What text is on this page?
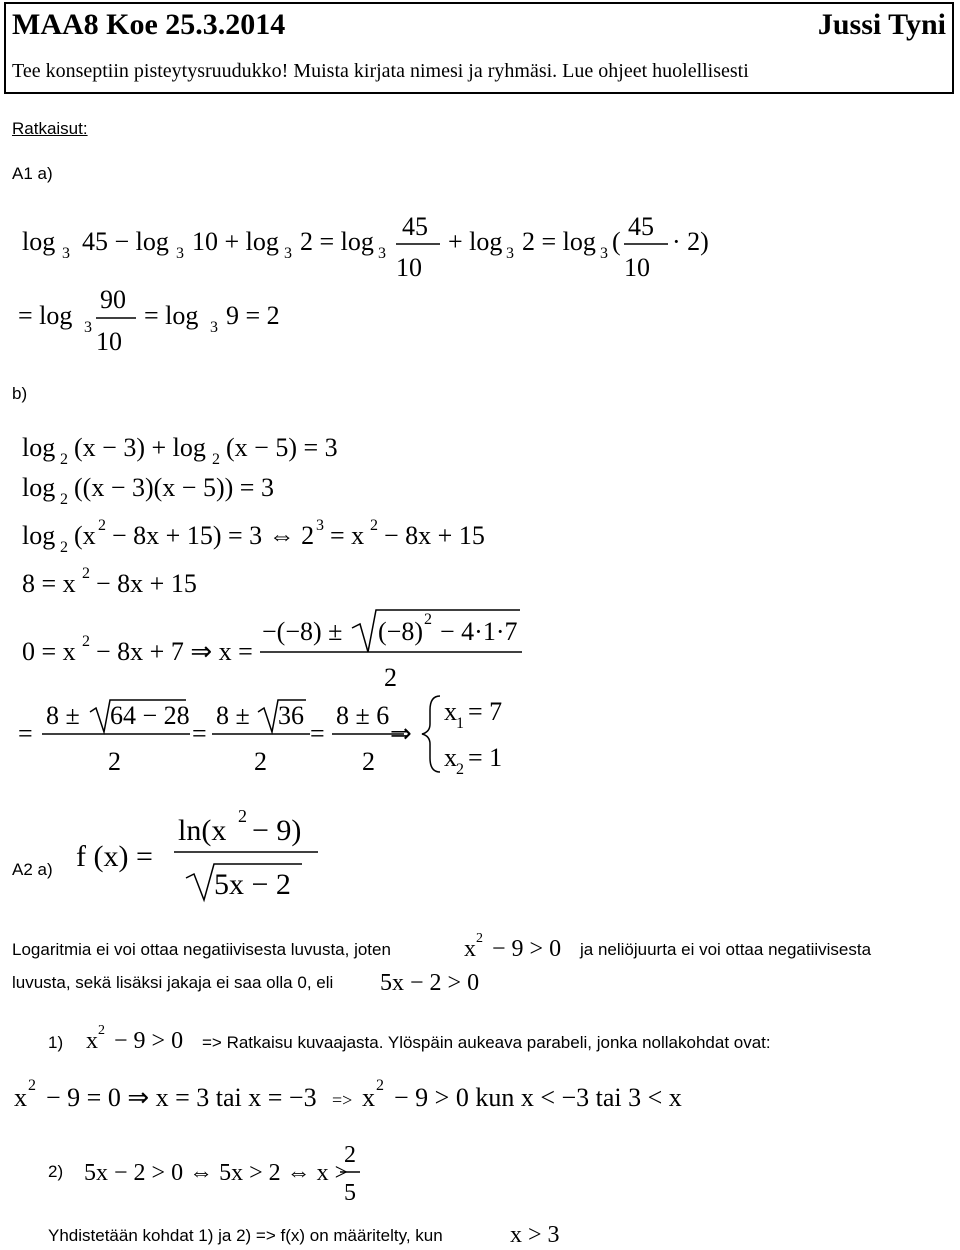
MAA8 Koe 25.3.2014	Jussi Tyni
Tee konseptiin pisteytysruudukko! Muista kirjata nimesi ja ryhmäsi. Lue ohjeet huolellisesti
Ratkaisut:
A1 a)
b)
A2 a)
log 3 45 − log 3 10 + log 3 2 = log 3
45
10
+ log 3 2 = log 3 (
45
10
· 2)
= log 3
90
10
= log 3 9 = 2
log 2 (x − 3) + log 2 (x − 5) = 3
log 2 ((x − 3)(x − 5)) = 3
log 2 (x 2 − 8x + 15) = 3 ⇔ 2 3 = x 2 − 8x + 15
8 = x 2 − 8x + 15
0 = x 2 − 8x + 7 ⇒ x =
−(−8) ± (−8) 2 − 4·1·7
2
=
8 ± 64 − 28
2
=
8 ± 36
2
=
8 ± 6
2
⇒
x 1 = 7
x 2 = 1
f (x) =
ln(x 2 − 9)
5x − 2
Logaritmia ei voi ottaa negatiivisesta luvusta, joten	x 2 − 9 > 0 ja neliöjuurta ei voi ottaa negatiivisesta
luvusta, sekä lisäksi jakaja ei saa olla 0, eli 5x − 2 > 0
1) x 2 − 9 > 0 => Ratkaisu kuvaajasta. Ylöspäin aukeava parabeli, jonka nollakohdat ovat:
x 2 − 9 = 0 ⇒ x = 3 tai x = −3 => x 2 − 9 > 0 kun x < −3 tai 3 < x
2) 5x − 2 > 0 ⇔ 5x > 2 ⇔ x >
2
5
Yhdistetään kohdat 1) ja 2) => f(x) on määritelty, kun	x > 3
